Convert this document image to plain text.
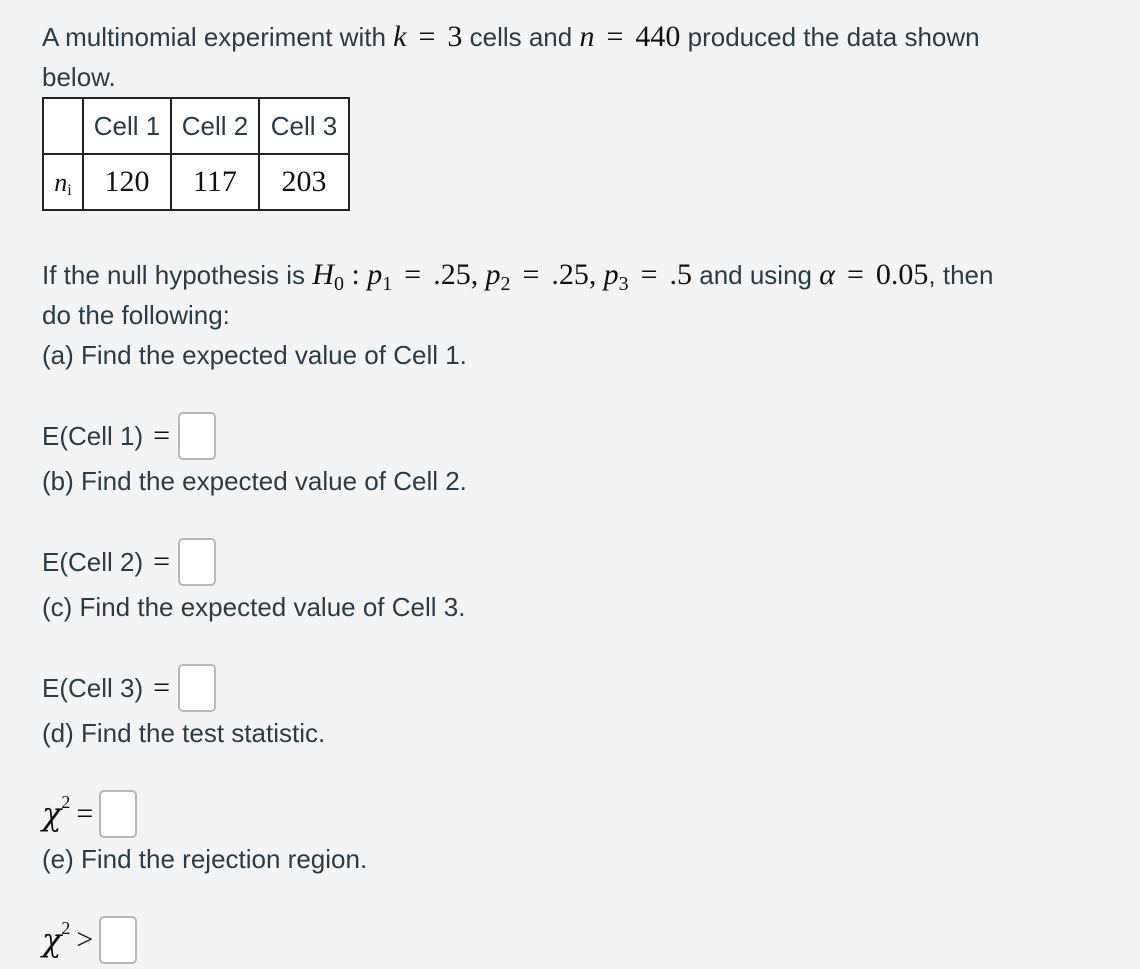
A multinomial experiment with k = 3 cells and n = 440 produced the data shown
below.
	Cell 1	Cell 2	Cell 3
ni	120	117	203
If the null hypothesis is $H_0$ : $p_1 = .25$, $p_2 = .25$, $p_3 = .5$ and using α = 0.05, then
do the following:
(a) Find the expected value of Cell 1.
E(Cell 1) =
(b) Find the expected value of Cell 2.
E(Cell 2) =
(c) Find the expected value of Cell 3.
E(Cell 3) =
(d) Find the test statistic.
χ 2 =
(e) Find the rejection region.
χ 2 >
